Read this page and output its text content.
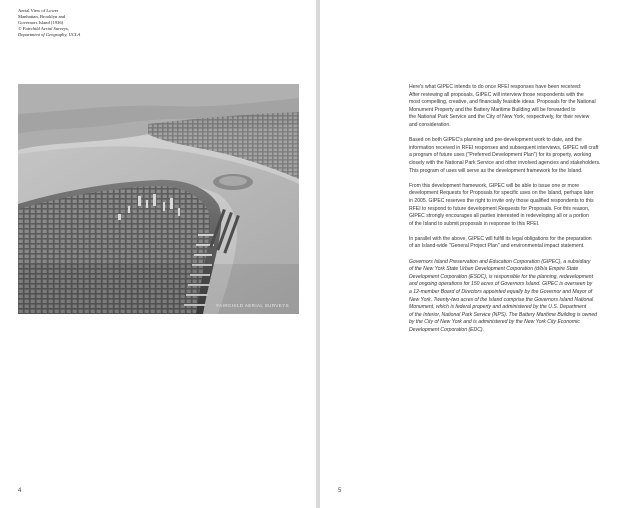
Aerial View of Lower
Manhattan, Brooklyn and
Governors Island (1936)
© Fairchild Aerial Surveys,
Department of Geography, UCLA
FAIRCHILD AERIAL SURVEYS
4

Here's what GIPEC intends to do once RFEI responses have been received:
After reviewing all proposals, GIPEC will interview those respondents with the
most compelling, creative, and financially feasible ideas. Proposals for the National
Monument Property and the Battery Maritime Building will be forwarded to
the National Park Service and the City of New York, respectively, for their review
and consideration.

Based on both GIPEC's planning and pre-development work to date, and the
information received in RFEI responses and subsequent interviews, GIPEC will craft
a program of future uses ("Preferred Development Plan") for its property, working
closely with the National Park Service and other involved agencies and stakeholders.
This program of uses will serve as the development framework for the Island.

From this development framework, GIPEC will be able to issue one or more
development Requests for Proposals for specific uses on the Island, perhaps later
in 2005. GIPEC reserves the right to invite only those qualified respondents to this
RFEI to respond to future development Requests for Proposals. For this reason,
GIPEC strongly encourages all parties interested in redeveloping all or a portion
of the Island to submit proposals in response to this RFEI.

In parallel with the above, GIPEC will fulfill its legal obligations for the preparation
of an Island-wide "General Project Plan" and environmental impact statement.

Governors Island Preservation and Education Corporation (GIPEC), a subsidiary
of the New York State Urban Development Corporation (d/b/a Empire State
Development Corporation (ESDC), is responsible for the planning, redevelopment
and ongoing operations for 150 acres of Governors Island. GIPEC is overseen by
a 12-member Board of Directors appointed equally by the Governor and Mayor of
New York. Twenty-two acres of the Island comprise the Governors Island National
Monument, which is federal property and administered by the U.S. Department
of the Interior, National Park Service (NPS). The Battery Maritime Building is owned
by the City of New York and is administered by the New York City Economic
Development Corporation (EDC).

5
